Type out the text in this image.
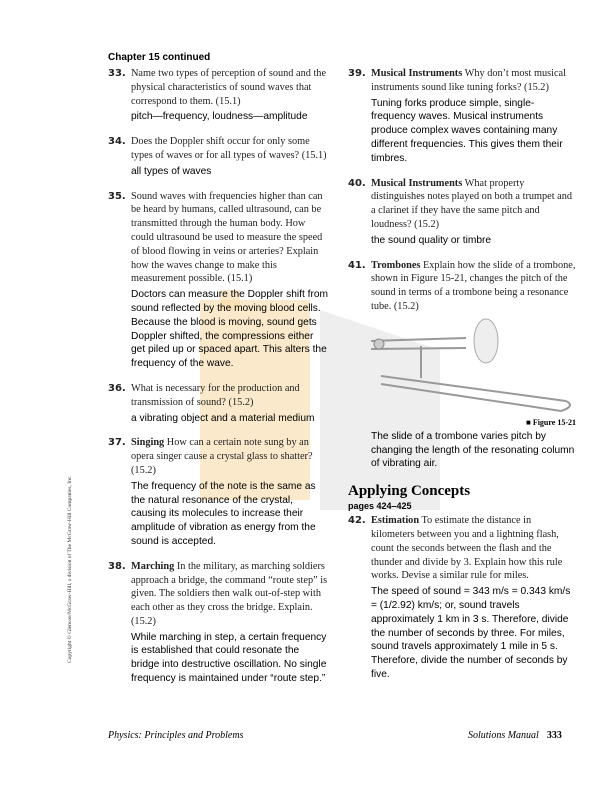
Chapter 15 continued
33. Name two types of perception of sound and the physical characteristics of sound waves that correspond to them. (15.1)

pitch—frequency, loudness—amplitude

34. Does the Doppler shift occur for only some types of waves or for all types of waves? (15.1)

all types of waves

35. Sound waves with frequencies higher than can be heard by humans, called ultrasound, can be transmitted through the human body. How could ultrasound be used to measure the speed of blood flowing in veins or arteries? Explain how the waves change to make this measurement possible. (15.1)

Doctors can measure the Doppler shift from sound reflected by the moving blood cells. Because the blood is moving, sound gets Doppler shifted, the compressions either get piled up or spaced apart. This alters the frequency of the wave.

36. What is necessary for the production and transmission of sound? (15.2)

a vibrating object and a material medium

37. Singing How can a certain note sung by an opera singer cause a crystal glass to shatter? (15.2)

The frequency of the note is the same as the natural resonance of the crystal, causing its molecules to increase their amplitude of vibration as energy from the sound is accepted.

38. Marching In the military, as marching soldiers approach a bridge, the command “route step” is given. The soldiers then walk out-of-step with each other as they cross the bridge. Explain. (15.2)

While marching in step, a certain frequency is established that could resonate the bridge into destructive oscillation. No single frequency is maintained under “route step.”

39. Musical Instruments Why don’t most musical instruments sound like tuning forks? (15.2)

Tuning forks produce simple, single-frequency waves. Musical instruments produce complex waves containing many different frequencies. This gives them their timbres.

40. Musical Instruments What property distinguishes notes played on both a trumpet and a clarinet if they have the same pitch and loudness? (15.2)

the sound quality or timbre

41. Trombones Explain how the slide of a trombone, shown in Figure 15-21, changes the pitch of the sound in terms of a trombone being a resonance tube. (15.2)

■ Figure 15-21

The slide of a trombone varies pitch by changing the length of the resonating column of vibrating air.

Applying Concepts
pages 424–425
42. Estimation To estimate the distance in kilometers between you and a lightning flash, count the seconds between the flash and the thunder and divide by 3. Explain how this rule works. Devise a similar rule for miles.

The speed of sound = 343 m/s = 0.343 km/s = (1/2.92) km/s; or, sound travels approximately 1 km in 3 s. Therefore, divide the number of seconds by three. For miles, sound travels approximately 1 mile in 5 s. Therefore, divide the number of seconds by five.

Physics: Principles and Problems	Solutions Manual 333
Copyright © Glencoe/McGraw-Hill, a division of The McGraw-Hill Companies, Inc.
